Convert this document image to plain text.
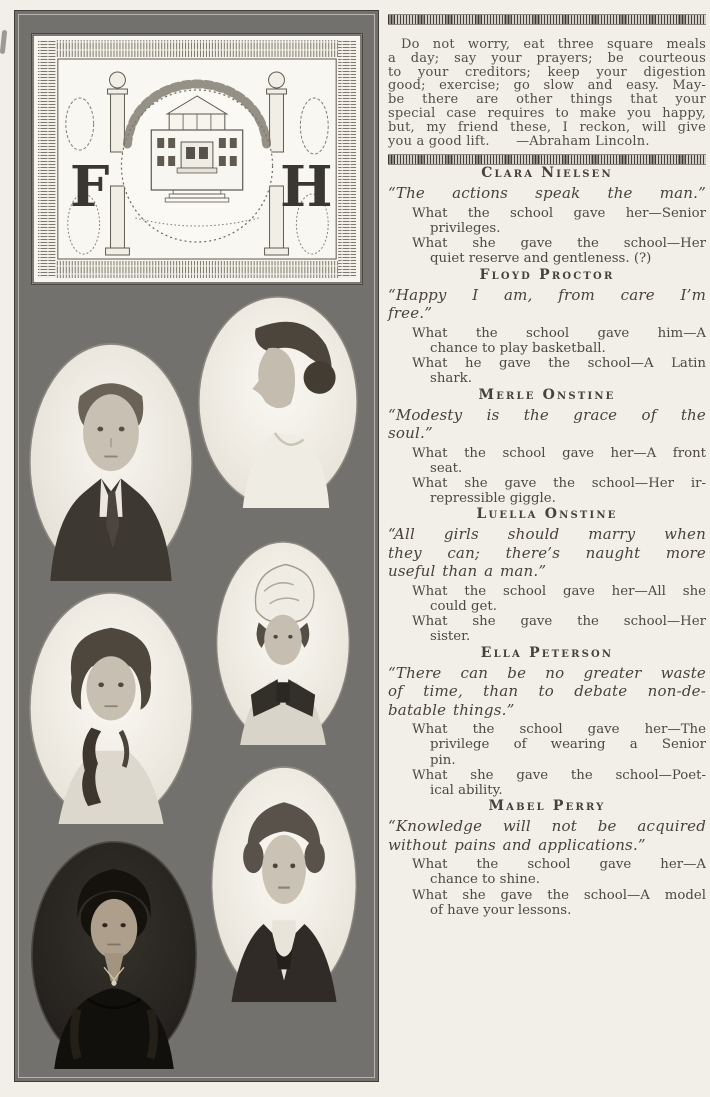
F	H

Do not worry, eat three square meals
a day; say your prayers; be courteous
to your creditors; keep your digestion
good; exercise; go slow and easy. May-
be there are other things that your
special case requires to make you happy,
but, my friend these, I reckon, will give
you a good lift.  —Abraham Lincoln.

Clara Nielsen
“The actions speak the man.”
What the school gave her—Senior
privileges.
What she gave the school—Her
quiet reserve and gentleness. (?)
Floyd Proctor
“Happy I am, from care I’m
free.”
What the school gave him—A
chance to play basketball.
What he gave the school—A Latin
shark.
Merle Onstine
“Modesty is the grace of the
soul.”
What the school gave her—A front
seat.
What she gave the school—Her ir-
repressible giggle.
Luella Onstine
“All girls should marry when
they can; there’s naught more
useful than a man.”
What the school gave her—All she
could get.
What she gave the school—Her
sister.
Ella Peterson
“There can be no greater waste
of time, than to debate non-de-
batable things.”
What the school gave her—The
privilege of wearing a Senior
pin.
What she gave the school—Poet-
ical ability.
Mabel Perry
“Knowledge will not be acquired
without pains and applications.”
What the school gave her—A
chance to shine.
What she gave the school—A model
of have your lessons.
